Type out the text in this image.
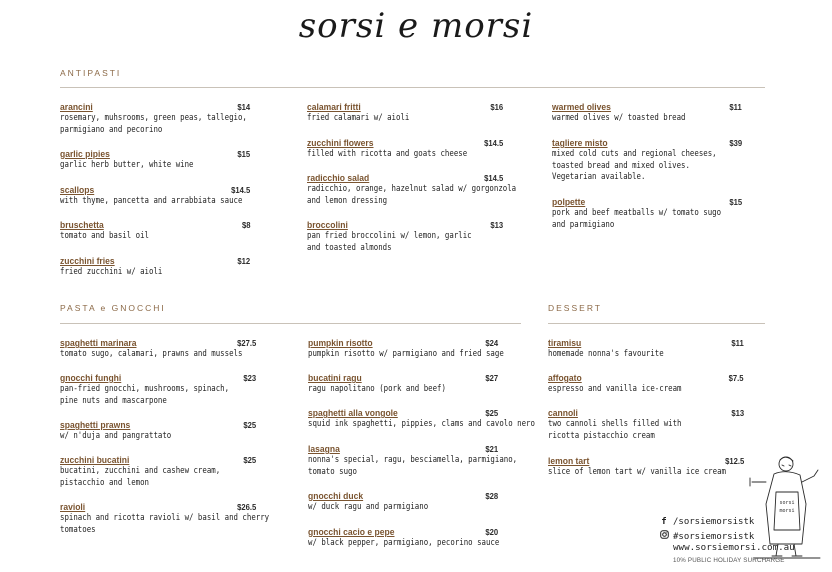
sorsi e morsi
ANTIPASTI
PASTA e GNOCCHI	DESSERT
f /sorsiemorsistk
#sorsiemorsistk
www.sorsiemorsi.com.au
10% PUBLIC HOLIDAY SURCHARGE
sorsi
morsi
arancini	$14
rosemary, muhsrooms, green peas, tallegio,
parmigiano and pecorino
garlic pipies	$15
garlic herb butter, white wine
scallops	$14.5
with thyme, pancetta and arrabbiata sauce
bruschetta	$8
tomato and basil oil
zucchini fries	$12
fried zucchini w/ aioli
calamari fritti	$16
fried calamari w/ aioli
zucchini flowers	$14.5
filled with ricotta and goats cheese
radicchio salad	$14.5
radicchio, orange, hazelnut salad w/ gorgonzola
and lemon dressing
broccolini	$13
pan fried broccolini w/ lemon, garlic
and toasted almonds
warmed olives	$11
warmed olives w/ toasted bread
tagliere misto	$39
mixed cold cuts and regional cheeses,
toasted bread and mixed olives.
Vegetarian available.
polpette	$15
pork and beef meatballs w/ tomato sugo
and parmigiano
spaghetti marinara	$27.5
tomato sugo, calamari, prawns and mussels
gnocchi funghi	$23
pan-fried gnocchi, mushrooms, spinach,
pine nuts and mascarpone
spaghetti prawns	$25
w/ n'duja and pangrattato
zucchini bucatini	$25
bucatini, zucchini and cashew cream,
pistacchio and lemon
ravioli	$26.5
spinach and ricotta ravioli w/ basil and cherry
tomatoes
pumpkin risotto	$24
pumpkin risotto w/ parmigiano and fried sage
bucatini ragu	$27
ragu napolitano (pork and beef)
spaghetti alla vongole	$25
squid ink spaghetti, pippies, clams and cavolo nero
lasagna	$21
nonna's special, ragu, besciamella, parmigiano,
tomato sugo
gnocchi duck	$28
w/ duck ragu and parmigiano
gnocchi cacio e pepe	$20
w/ black pepper, parmigiano, pecorino sauce
tiramisu	$11
homemade nonna's favourite
affogato	$7.5
espresso and vanilla ice-cream
cannoli	$13
two cannoli shells filled with
ricotta pistacchio cream
lemon tart	$12.5
slice of lemon tart w/ vanilla ice cream
